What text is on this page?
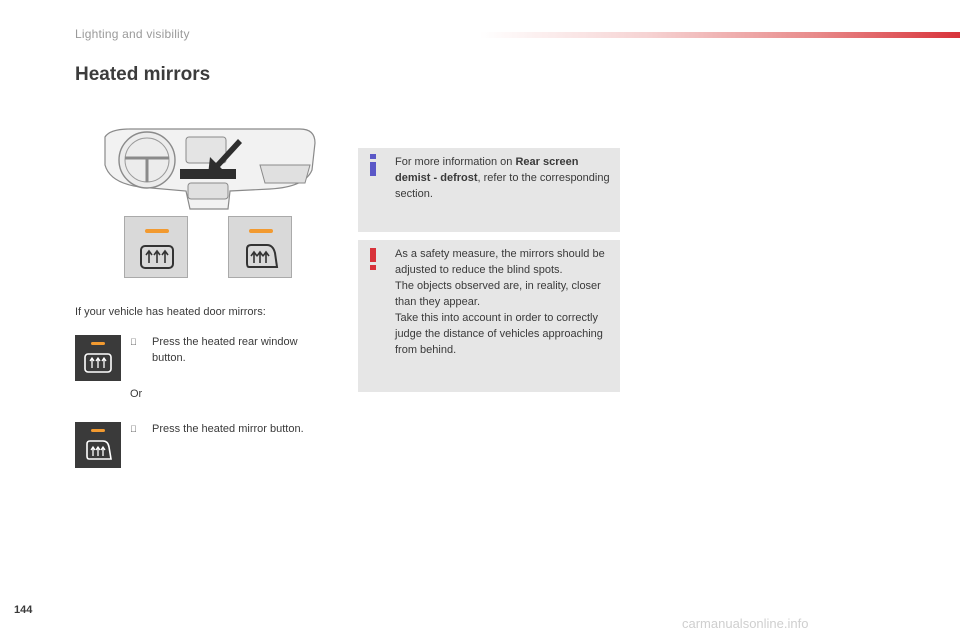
Lighting and visibility
Heated mirrors
If your vehicle has heated door mirrors:
Press the heated rear window button.
Or
Press the heated mirror button.
For more information on Rear screen demist - defrost, refer to the corresponding section.
As a safety measure, the mirrors should be adjusted to reduce the blind spots.
The objects observed are, in reality, closer than they appear.
Take this into account in order to correctly judge the distance of vehicles approaching from behind.
144
carmanualsonline.info
